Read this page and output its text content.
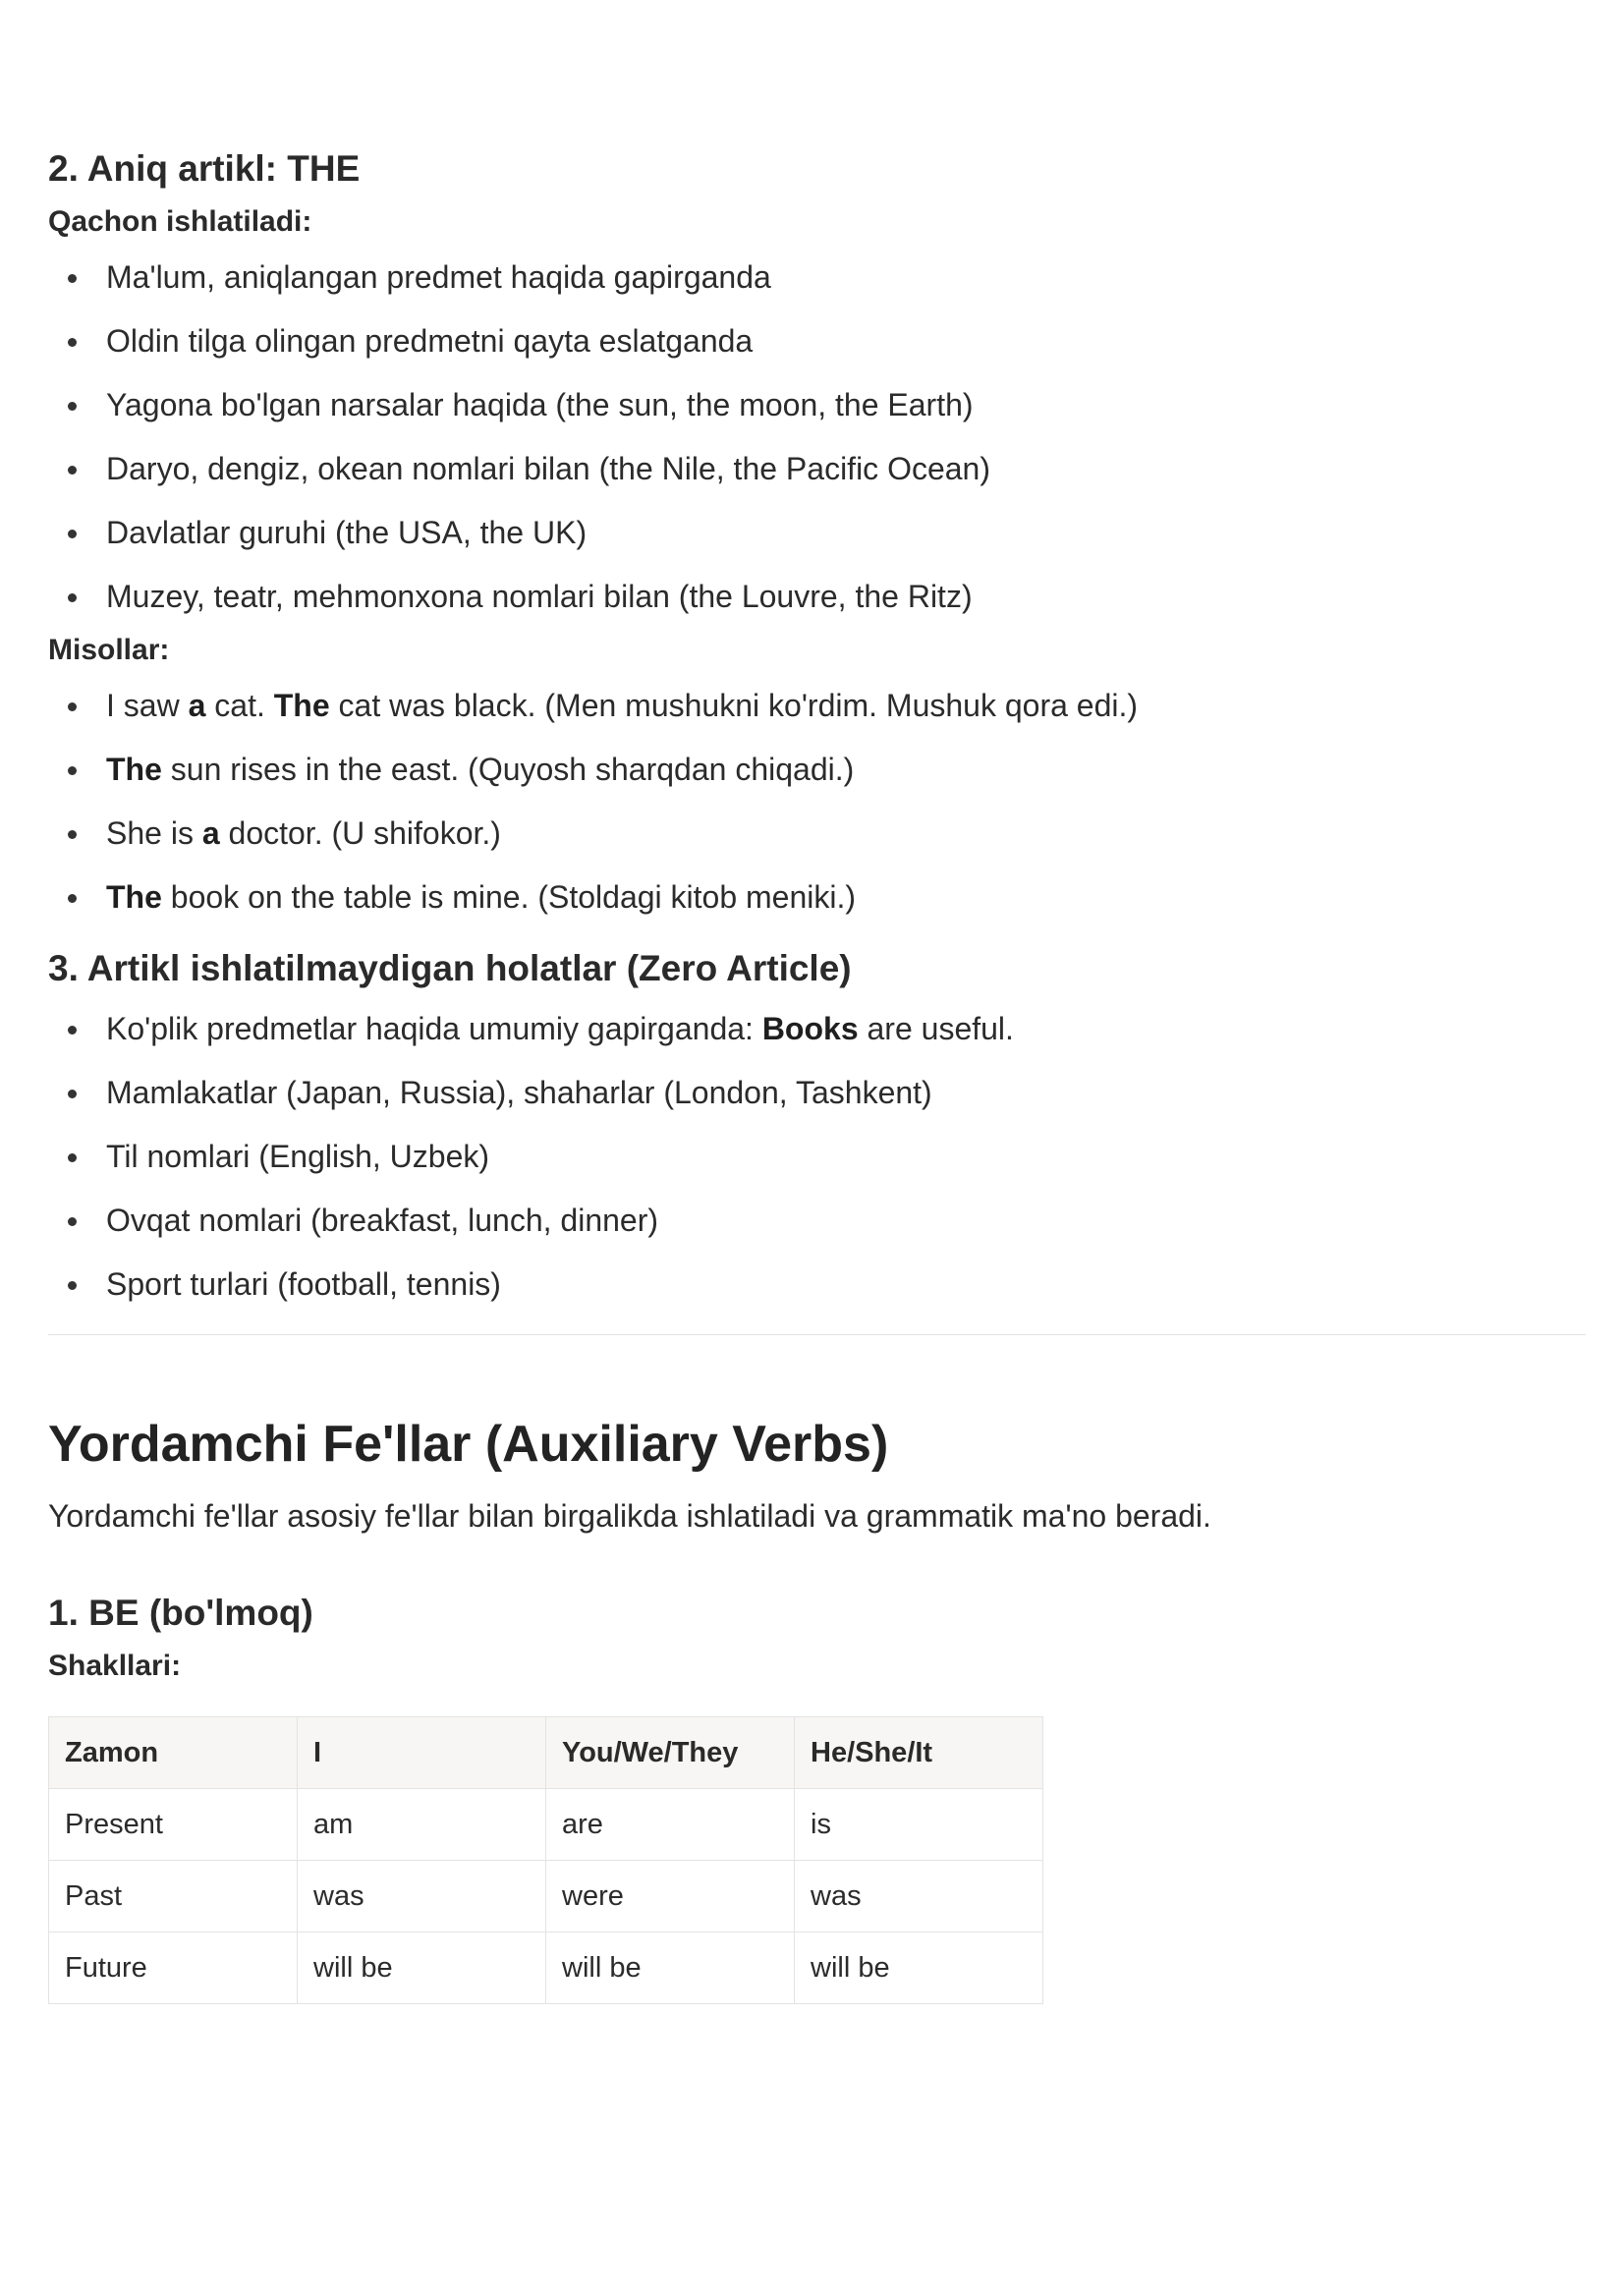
2. Aniq artikl: THE
Qachon ishlatiladi:
Ma'lum, aniqlangan predmet haqida gapirganda
Oldin tilga olingan predmetni qayta eslatganda
Yagona bo'lgan narsalar haqida (the sun, the moon, the Earth)
Daryo, dengiz, okean nomlari bilan (the Nile, the Pacific Ocean)
Davlatlar guruhi (the USA, the UK)
Muzey, teatr, mehmonxona nomlari bilan (the Louvre, the Ritz)
Misollar:
I saw a cat. The cat was black. (Men mushukni ko'rdim. Mushuk qora edi.)
The sun rises in the east. (Quyosh sharqdan chiqadi.)
She is a doctor. (U shifokor.)
The book on the table is mine. (Stoldagi kitob meniki.)
3. Artikl ishlatilmaydigan holatlar (Zero Article)
Ko'plik predmetlar haqida umumiy gapirganda: Books are useful.
Mamlakatlar (Japan, Russia), shaharlar (London, Tashkent)
Til nomlari (English, Uzbek)
Ovqat nomlari (breakfast, lunch, dinner)
Sport turlari (football, tennis)
Yordamchi Fe'llar (Auxiliary Verbs)

Yordamchi fe'llar asosiy fe'llar bilan birgalikda ishlatiladi va grammatik ma'no beradi.

1. BE (bo'lmoq)
Shakllari:
Zamon	I	You/We/They	He/She/It
Present	am	are	is
Past	was	were	was
Future	will be	will be	will be
